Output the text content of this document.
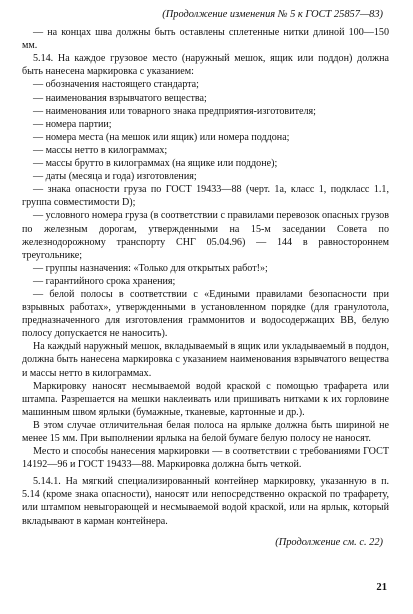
(Продолжение изменения № 5 к ГОСТ 25857—83)

— на концах шва должны быть оставлены сплетенные нитки длиной 100—150 мм.

5.14. На каждое грузовое место (наружный мешок, ящик или поддон) должна быть нанесена маркировка с указанием:

— обозначения настоящего стандарта;

— наименования взрывчатого вещества;

— наименования или товарного знака предприятия-изготовителя;

— номера партии;

— номера места (на мешок или ящик) или номера поддона;

— массы нетто в килограммах;

— массы брутто в килограммах (на ящике или поддоне);

— даты (месяца и года) изготовления;

— знака опасности груза по ГОСТ 19433—88 (черт. 1а, класс 1, подкласс 1.1, группа совместимости D);

— условного номера груза (в соответствии с правилами перевозок опасных грузов по железным дорогам, утвержденными на 15-м заседании Совета по железнодорожному транспорту СНГ 05.04.96) — 144 в равностороннем треугольнике;

— группы назначения: «Только для открытых работ!»;

— гарантийного срока хранения;

— белой полосы в соответствии с «Едиными правилами безопасности при взрывных работах», утвержденными в установленном порядке (для гранулотола, предназначенного для изготовления граммонитов и водосодержащих ВВ, белую полосу допускается не наносить).

На каждый наружный мешок, вкладываемый в ящик или укладываемый в поддон, должна быть нанесена маркировка с указанием наименования взрывчатого вещества и массы нетто в килограммах.

Маркировку наносят несмываемой водой краской с помощью трафарета или штампа. Разрешается на мешки наклеивать или пришивать нитками к их горловине машинным швом ярлыки (бумажные, тканевые, картонные и др.).

В этом случае отличительная белая полоса на ярлыке должна быть шириной не менее 15 мм. При выполнении ярлыка на белой бумаге белую полосу не наносят.

Место и способы нанесения маркировки — в соответствии с требованиями ГОСТ 14192—96 и ГОСТ 19433—88. Маркировка должна быть четкой.

5.14.1. На мягкий специализированный контейнер маркировку, указанную в п. 5.14 (кроме знака опасности), наносят или непосредственно окраской по трафарету, или штампом невыгорающей и несмываемой водой краской, или на ярлык, который вкладывают в карман контейнера.

(Продолжение см. с. 22)
21
